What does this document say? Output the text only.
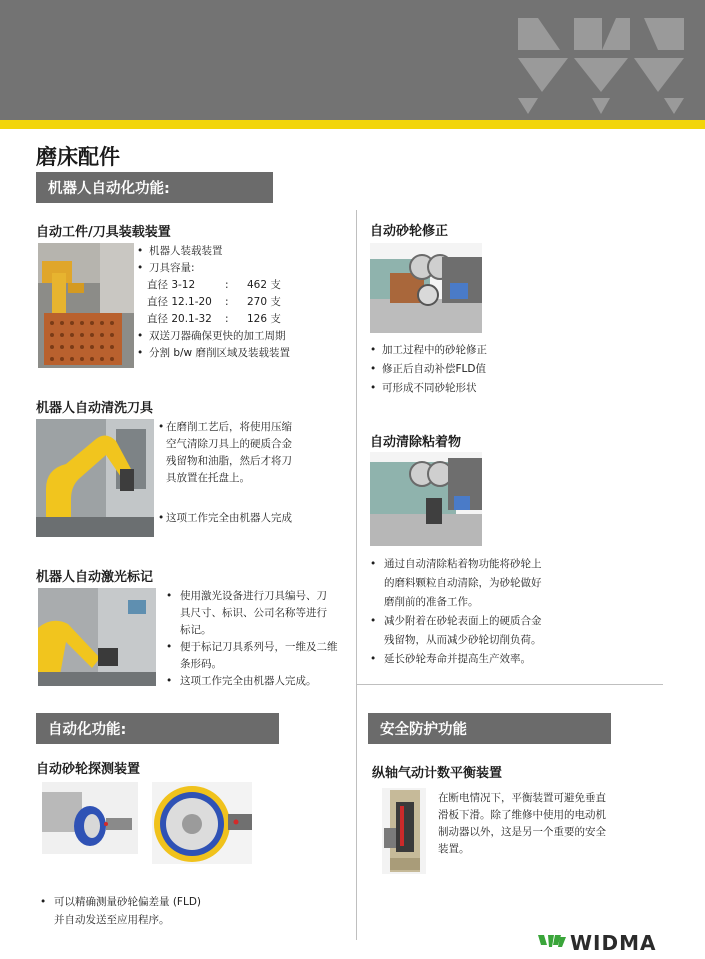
磨床配件
机器人自动化功能:
自动工件/刀具装载装置
• 机器人装载装置
• 刀具容量:
直径 3-12	:	462 支
直径 12.1-20	:	270 支
直径 20.1-32	:	126 支
• 双送刀器确保更快的加工周期
• 分割 b/w 磨削区域及装载装置
机器人自动清洗刀具
• 在磨削工艺后，将使用压缩
空气清除刀具上的硬质合金
残留物和油脂，然后才将刀
具放置在托盘上。
• 这项工作完全由机器人完成
机器人自动激光标记
• 使用激光设备进行刀具编号、刀
具尺寸、标识、公司名称等进行
标记。
• 便于标记刀具系列号，一维及二维
条形码。
• 这项工作完全由机器人完成。
自动砂轮修正
• 加工过程中的砂轮修正
• 修正后自动补偿FLD值
• 可形成不同砂轮形状
自动清除粘着物
• 通过自动清除粘着物功能将砂轮上
的磨料颗粒自动清除，为砂轮做好
磨削前的准备工作。
• 减少附着在砂轮表面上的硬质合金
残留物，从而减少砂轮切削负荷。
• 延长砂轮寿命并提高生产效率。
自动化功能:	安全防护功能
自动砂轮探测装置
• 可以精确测量砂轮偏差量 (FLD)
并自动发送至应用程序。
纵轴气动计数平衡装置
在断电情况下，平衡装置可避免垂直
滑板下滑。除了维修中使用的电动机
制动器以外，这是另一个重要的安全
装置。
WIDMA
